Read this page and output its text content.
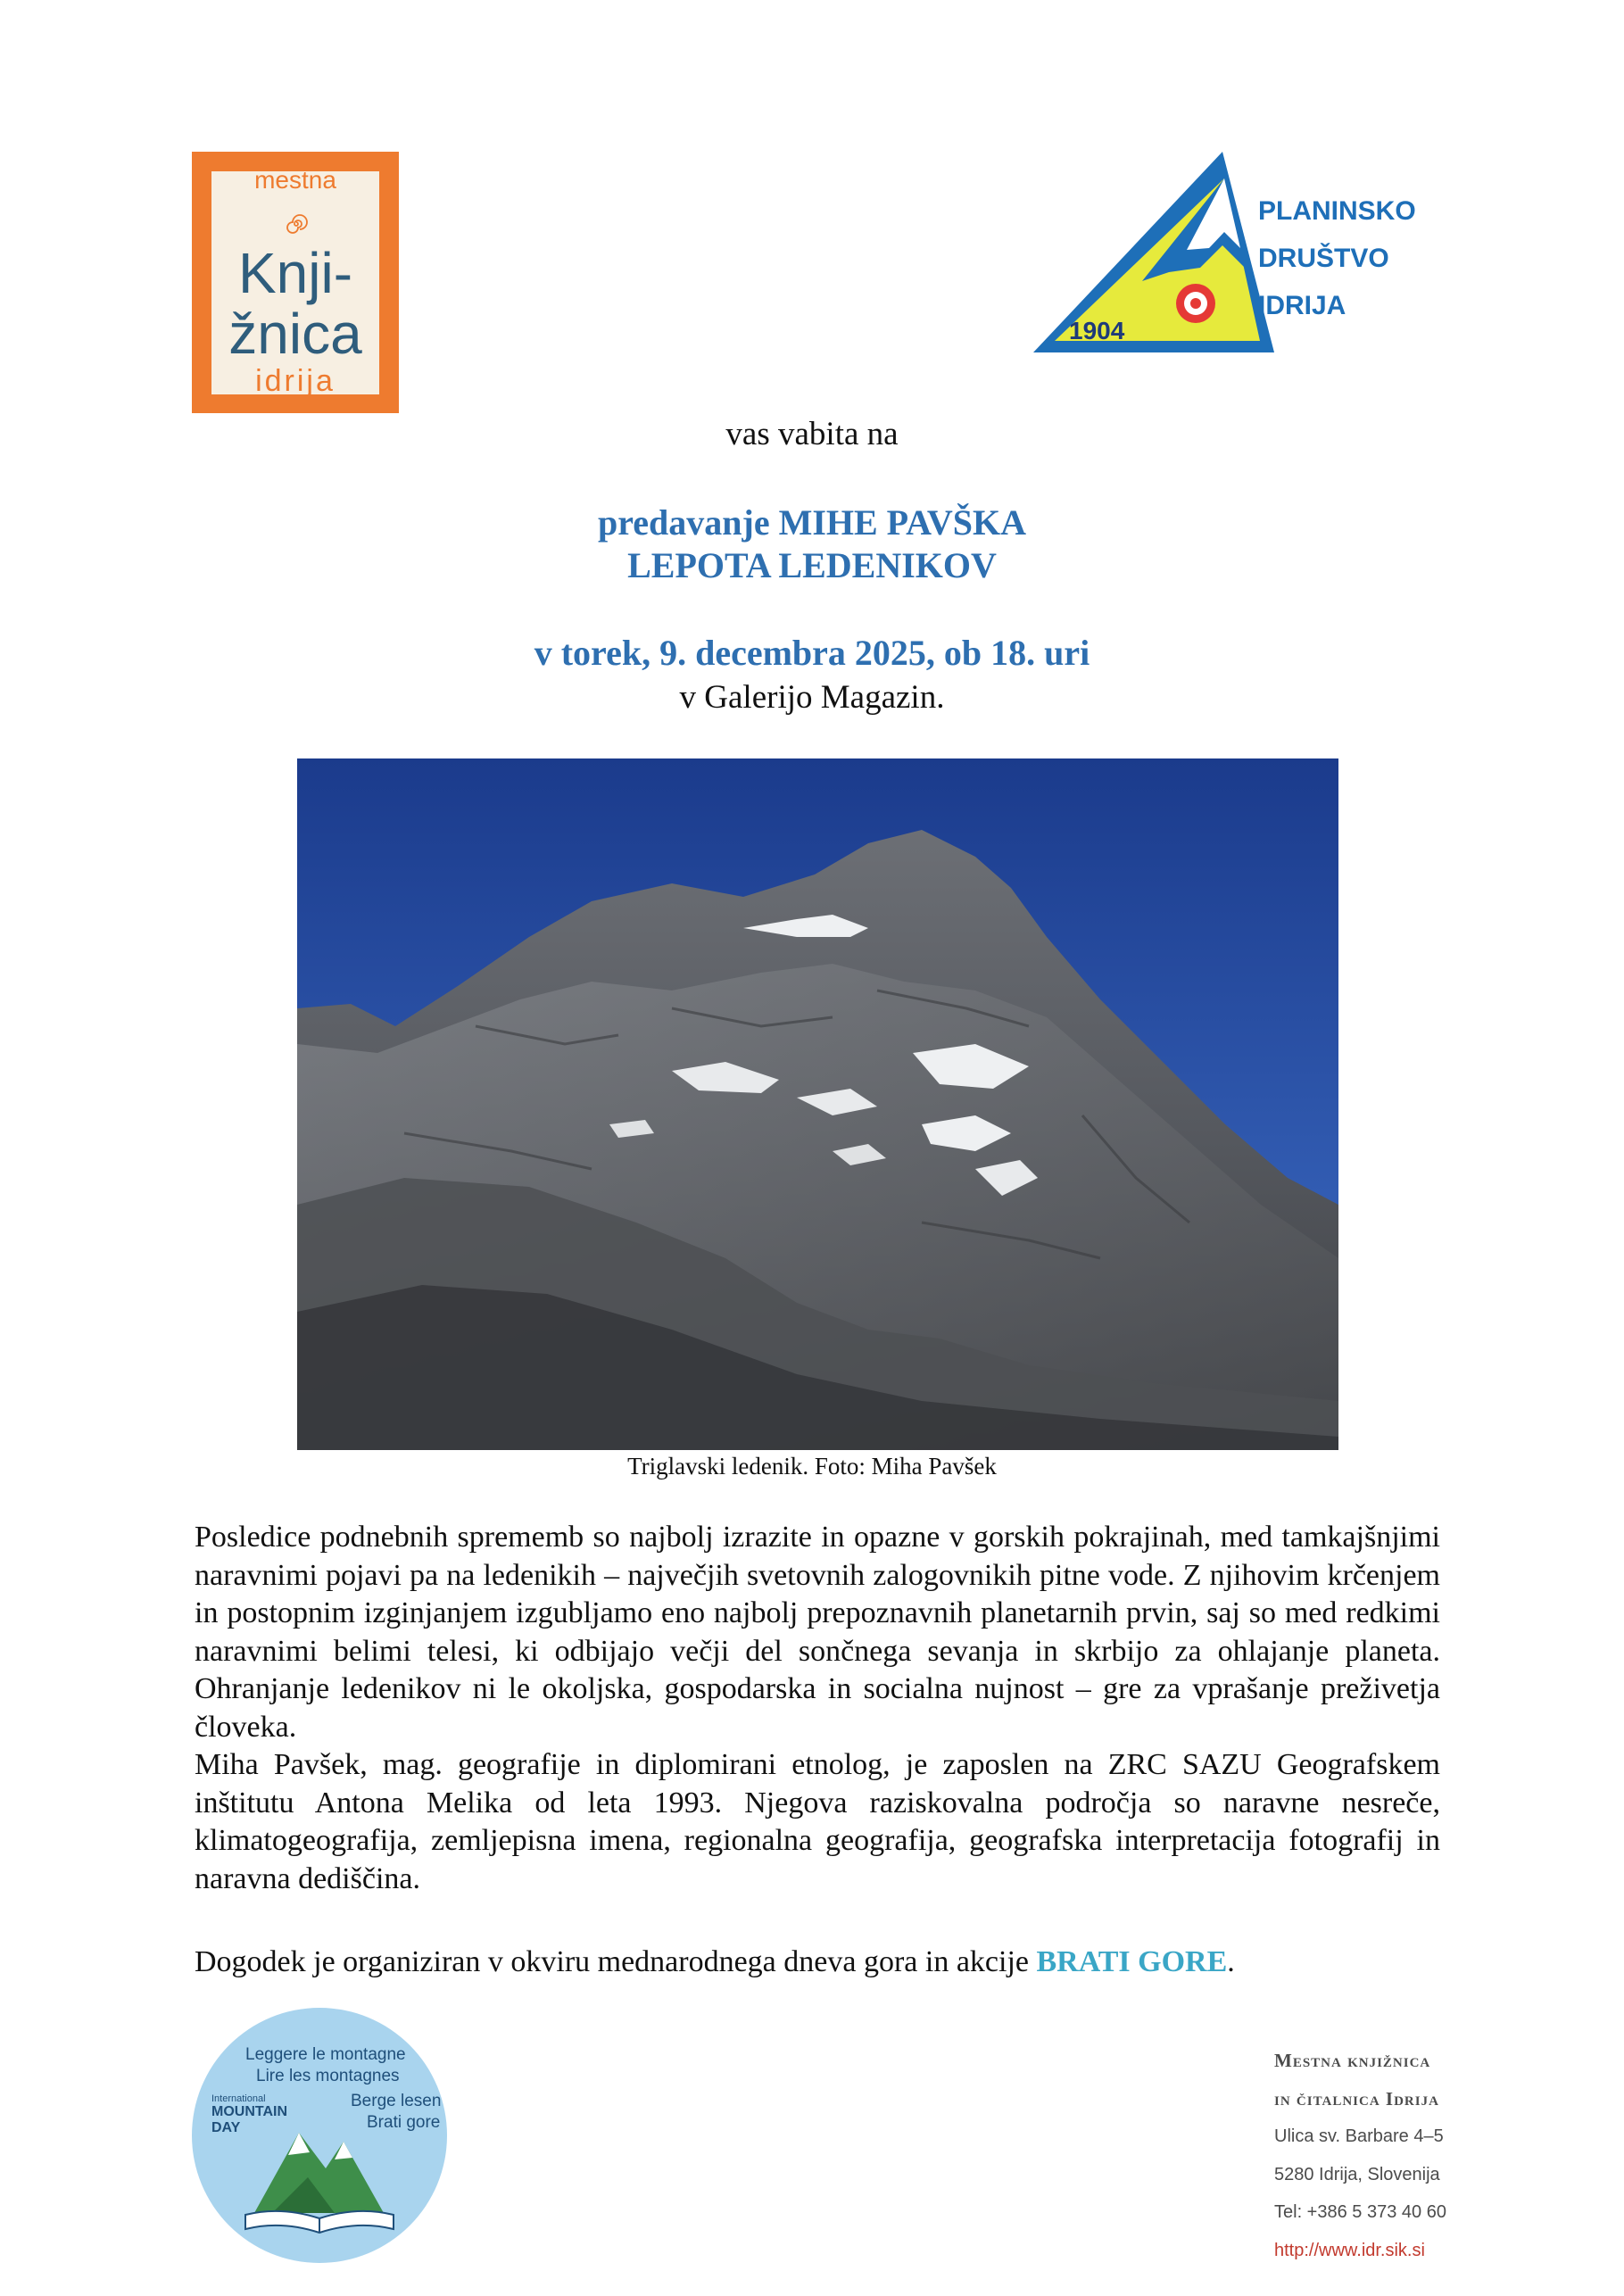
mestna
Knji-
žnica
idrija
1904
PLANINSKO
DRUŠTVO
IDRIJA
vas vabita na
predavanje MIHE PAVŠKA
LEPOTA LEDENIKOV
v torek, 9. decembra 2025, ob 18. uri
v Galerijo Magazin.
Triglavski ledenik. Foto: Miha Pavšek

Posledice podnebnih sprememb so najbolj izrazite in opazne v gorskih pokrajinah, med tamkajšnjimi naravnimi pojavi pa na ledenikih – največjih svetovnih zalogovnikih pitne vode. Z njihovim krčenjem in postopnim izginjanjem izgubljamo eno najbolj prepoznavnih planetarnih prvin, saj so med redkimi naravnimi belimi telesi, ki odbijajo večji del sončnega sevanja in skrbijo za ohlajanje planeta. Ohranjanje ledenikov ni le okoljska, gospodarska in socialna nujnost – gre za vprašanje preživetja človeka.

Miha Pavšek, mag. geografije in diplomirani etnolog, je zaposlen na ZRC SAZU Geografskem inštitutu Antona Melika od leta 1993. Njegova raziskovalna področja so naravne nesreče, klimatogeografija, zemljepisna imena, regionalna geografija, geografska interpretacija fotografij in naravna dediščina.

Dogodek je organiziran v okviru mednarodnega dneva gora in akcije BRATI GORE.
Leggere le montagne
Lire les montagnes
International
MOUNTAIN
DAY
Berge lesen
Brati gore
Mestna knjižnica
in čitalnica Idrija
Ulica sv. Barbare 4–5
5280 Idrija, Slovenija
Tel: +386 5 373 40 60
http://www.idr.sik.si
